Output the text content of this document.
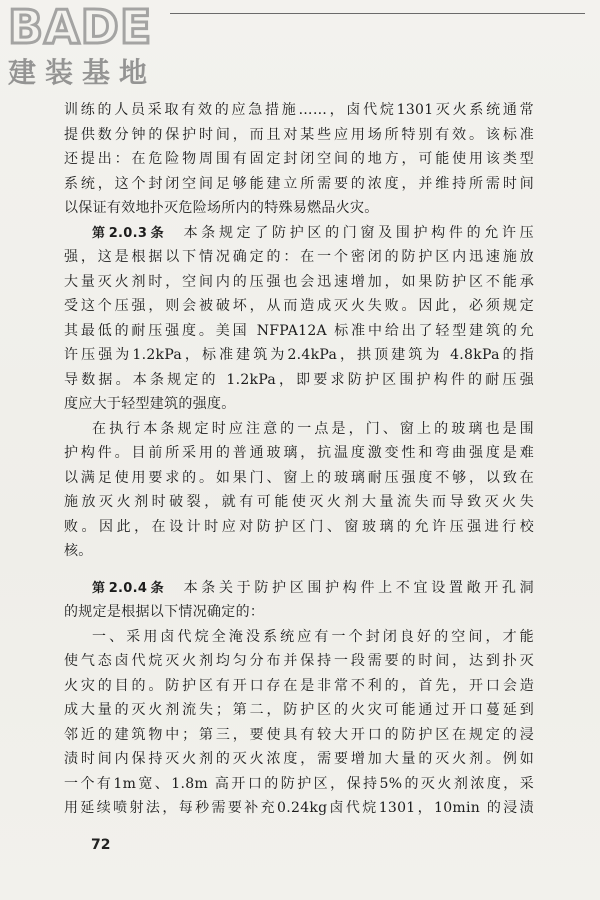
BADE
建装基地
训练的人员采取有效的应急措施……，卤代烷1301灭火系统通常
提供数分钟的保护时间，而且对某些应用场所特别有效。该标准
还提出：在危险物周围有固定封闭空间的地方，可能使用该类型
系统，这个封闭空间足够能建立所需要的浓度，并维持所需时间
以保证有效地扑灭危险场所内的特殊易燃品火灾。
第2.0.3条 本条规定了防护区的门窗及围护构件的允许压
强，这是根据以下情况确定的：在一个密闭的防护区内迅速施放
大量灭火剂时，空间内的压强也会迅速增加，如果防护区不能承
受这个压强，则会被破坏，从而造成灭火失败。因此，必须规定
其最低的耐压强度。美国 NFPA12A 标准中给出了轻型建筑的允
许压强为1.2kPa，标准建筑为2.4kPa，拱顶建筑为 4.8kPa的指
导数据。本条规定的 1.2kPa，即要求防护区围护构件的耐压强
度应大于轻型建筑的强度。
在执行本条规定时应注意的一点是，门、窗上的玻璃也是围
护构件。目前所采用的普通玻璃，抗温度激变性和弯曲强度是难
以满足使用要求的。如果门、窗上的玻璃耐压强度不够，以致在
施放灭火剂时破裂，就有可能使灭火剂大量流失而导致灭火失
败。因此，在设计时应对防护区门、窗玻璃的允许压强进行校
核。
第2.0.4条 本条关于防护区围护构件上不宜设置敞开孔洞
的规定是根据以下情况确定的：
一、采用卤代烷全淹没系统应有一个封闭良好的空间，才能
使气态卤代烷灭火剂均匀分布并保持一段需要的时间，达到扑灭
火灾的目的。防护区有开口存在是非常不利的，首先，开口会造
成大量的灭火剂流失；第二，防护区的火灾可能通过开口蔓延到
邻近的建筑物中；第三，要使具有较大开口的防护区在规定的浸
渍时间内保持灭火剂的灭火浓度，需要增加大量的灭火剂。例如
一个有1m宽、1.8m 高开口的防护区，保持5%的灭火剂浓度，采
用延续喷射法，每秒需要补充0.24kg卤代烷1301，10min 的浸渍
72
